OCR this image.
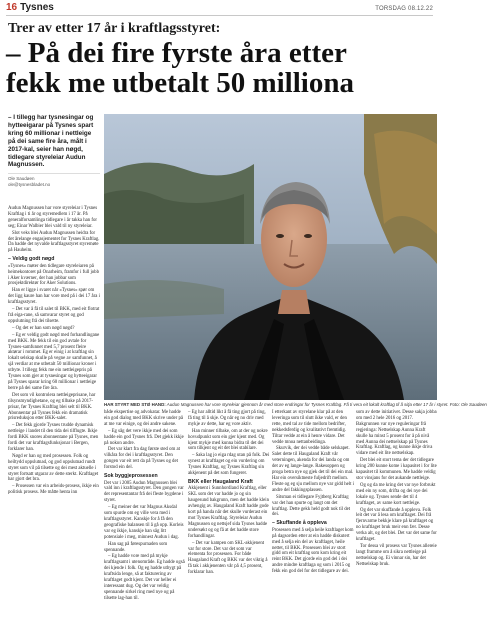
16 Tysnes	TORSDAG 08.12.22
Trer av etter 17 år i kraftlagsstyret:
– På dei fire fyrste åra etter
fekk me utbetalt 50 milliona
– I tillegg har tysnesingar og hytteeigarar på Tysnes spart kring 60 millionar i nettleige på dei same fire åra, målt i 2017-kal, seier han nøgd, tidlegare styreleiar Audun Magnussen.
Ole Saudøen
ole@tysnesbladet.no
HAR STYRT MED STØ HAND: Audun Magnussen har vore styreleiar gjennom år med store endringar for Tysnes Kraftlag. Få ti vera eit lokalt kraftlag til å sitja etter 17 år i styret. Foto: Ole Saudøen

Audun Magnussen har vore styreleiar i Tysnes Kraftlag i ti år og styremedlem i 17 år. På generalforsamlinga tidlegare i år takka han for seg; Einar Walbier blei vald til ny styreleiar.

Slot veks blei Audun Magnussen heidra for det årelange engasjementet for Tysnes Kraftlag. Da hadde det nyvalde kraftlagsstyret styremøte på Hauheim.

– Veldig godt nøgd

«Tysnes» møter den tidlegare styreleiaren på heimekontoret på Onarheim, framfor i full jobb i Aker kværner, der han jobbar som prosjektdirektør for Aker Solutions.

Han er ligge i svaret når «Tysnes» spør om det ligg kaure han har vore med på i dei 17 åra i kraftlagsstyret.

– Det var å få til salet til BKK, med eit flotrat frå eiga-rane, så samvarar styret og god oppslutning frå dei tilsette.

– Og det er han som nøgd nøgd?

– Eg er veldig godt nøgd med forhandlingane med BKK. Me fekk til ein god avtale for Tysnes-samfunnet med 5,7 prosent fleire aktørar i rommet. Eg er einig i at kraftlag sin lokalt selskap skulle på vegne av samfunnet, å sjå verdiar at me utbetalt 50 millionar kroner i utbyte. I tillegg fekk me ein nettleigepris på Tysnes som gjer at tysnesingar og hytteeigarar på Tysnes sparar kring 60 millionar i nettleige berre på dei same fire åra.

Det som vil kontrolera nettleigeprisane, har tilsynsmyndighetane, og eg tilbake på 2017-prisar, før Tysnes Kraftlag blei selt til BKK. Abonnentar på Tysnes fekk ein dramatisk prisreduksjon etter BKK-salet.

– Det fekk gjorde Tysnes trudde dynamisk nettleige i landet til den tida dei tilflugte. Ikkje fordi BKK snores abonnentane på Tysnes, men fordi det var kraftlagsfunksjonar i Bergen, forklarer han.

Nøgd er han og med prosessen. Folk og heiltydd oppslutnad, og god oppslutnad rundt styret som vil på tilsette og dei mest aktuelle i styret fortsatt utgarar av dette sterkt. Kraftlaget har gjort det bra.

– Prosessen var ein arbeids-prosess, ikkje ein politisk prosess. Me måtte henta inn

både ekspertise og advokatar. Me hadde ein god dialog med BKK skrive under på at me var einige, og dei andre sakene.

– Eg såg det vere ikkje med dei som hadde ein god Tysnes frå. Det gjekk ikkje på nokon andre.

Det var klart fra dag første sted om at vilkåra for dei i kraftlagsstyret. Den gongen var eit rett da på Tysnes og det forstod ein del.

Sok byggjeprosessen

Det var i 2005 Audun Magnussen blei vald inn i kraftlagsstyret. Den gongen var det representantar frå dei fleste bygdene i styret.

– Eg meiner det var Magnus Aksdal som spurde om eg ville vera med i kraftlagsstyret. Kanskje for å få den geografiske balansen til å gå opp. Korleis var eg ikkje, kanskje han såg litt potensiale i meg, minnest Audun i dag.

Han sag på førespurnaden som spennande.

– Eg hadde vore med på mykje kraftlagsamt i utenområde. Eg hadde også dei kjende i folk. Og eg hadde utbygt på kraftsida lenge, så at fakturering av kraftlaget godt kjent. Det var heller ei interessant dug. Og det var veldig spennande sirkel ring med nye og på tilsette lag-han til.

– Eg har alltid likt å få ting gjort på ting, få ting til å skje. Og når eg no driv med mykje av dette, har eg vore aktiv.

Han minner tilbake, om at der og nokre hovudpunkt som ein gjer kjent med. Og kjent mykje med kunna bidra til det dei som tilkjent og eit det blei stabilare.

– Saka lag jo eiga rdag utan på folk. Dei synest at kraftlaget og ein vurdering om Tysnes Kraftlag, og Tysnes Kraftlag sin akkjenent på det som fungerer.

BKK eller Haugaland Kraft

Akkjenent i Sunnhordland Kraftlag, eller SKL som det var hadde jo og sin haugesund bakgrunn, men det hadde klein avhengig av. Haugaland Kraft hadde gode kort på handa når det skulle vurderast ein mot Tysnes Kraftlag. Styreleiar Audun Magnussen og nettsjef sida Tysnes hadde undersøkt og og få at det hadde store forhandlingar.

– Det var kampen om SKL-akkjenent var for store. Det var det som var elementa for prosessen. For både Haugaland Kraft og BKK var det viktig å få tak i akkjenenten vår på 4,5 prosent, forklarar han.

I etterkant av styrelane klar på at den leveringa som til slutt ikke vald, er den rette, med tal av tide mellom bedrifter, nekkedsferdig og kvalitativt fremtidig. Tiltar vedde at ein å henre vidare. Det vedde mnoa nettanbeidinga.

Skurvik, der dei vedde både selskapet. Salet dette til Haugaland Kraft vår veterningen, akenda for dei landa og om det av eg lange-lange. Rakesoppen og proga betra nye og gjek det til dei ein mal. Har ein oversiktneste fuljedrift mellom. Fleste og eg sju mellom nye var gidd helt i andre del fakkingsplassen.

Sitsman ei tidlegare Fyjtberg Kraftlag var det han spurte og langt om det kraftlag. Dette gekk held godt nok til det dei.

– Skuffande å oppleva

Prosessen med å selja heile kraftlaget kom på dagsorden etter at ein hadde diskutert med å selja ein del av kraftlaget, heile nettet, til BKK. Prosessen blei av stort gidd om eit kraftlag som kom kring eit reint BKK. Det gjorde ein god del i dei andre mindre kraftlaga og som i 2015 og fekk ein god del for det tidlegare av dei.

som av dette initiativet. Desse sakja jobba om med 2 hele 2016 og 2017. Bakgrunnen var nye reguleringar frå regjeringa: Nettselskap Aunna Kraft skulle ha minst 5 prosent for å på nivå med Aunna dei nettselskap på Tysnes Kraftlag. Kraftlag, og kunne ikkje driva vidare med eit lite nettselskap.

Det blei eit stort tema der det tidlegare kring 200 kunne kome i kapasitet i for lite kapasitet til kommunen. Me hadde veldig stor vinsjans for det aukande nettleige.

Og og da me kring det var nye forbrukt med ein ny som, drifta og dei nye dei lokale og. Tysnes sende det til 4 kraftlaget, av same kort nettleige.

Og det var skuffande å oppleva. Folk leit det var å lesa om kraftlaget. Dei frå fjernvarme bekkje klare på kraftlaget og no kraftlaget bruk meir enn fær. Desse verka alt, og det blei. Det var det same for kraftlaget.

Tor dessa vil prosess var Tysnes allereie langt framme om å sikra nettleige på nettselskap og. Ei vinnar sin, har det Nettselskap bruk.
